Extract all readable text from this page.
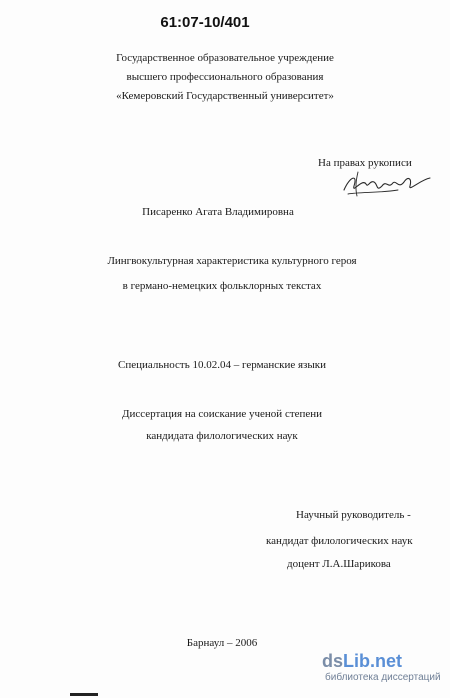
61:07-10/401
Государственное образовательное учреждение
высшего профессионального образования
«Кемеровский Государственный университет»
На правах рукописи
Писаренко Агата Владимировна
Лингвокультурная характеристика культурного героя
в германо-немецких фольклорных текстах
Специальность 10.02.04 – германские языки
Диссертация на соискание ученой степени
кандидата филологических наук
Научный руководитель -
кандидат филологических наук
доцент Л.А.Шарикова
Барнаул – 2006
dsLib.net
библиотека диссертаций
